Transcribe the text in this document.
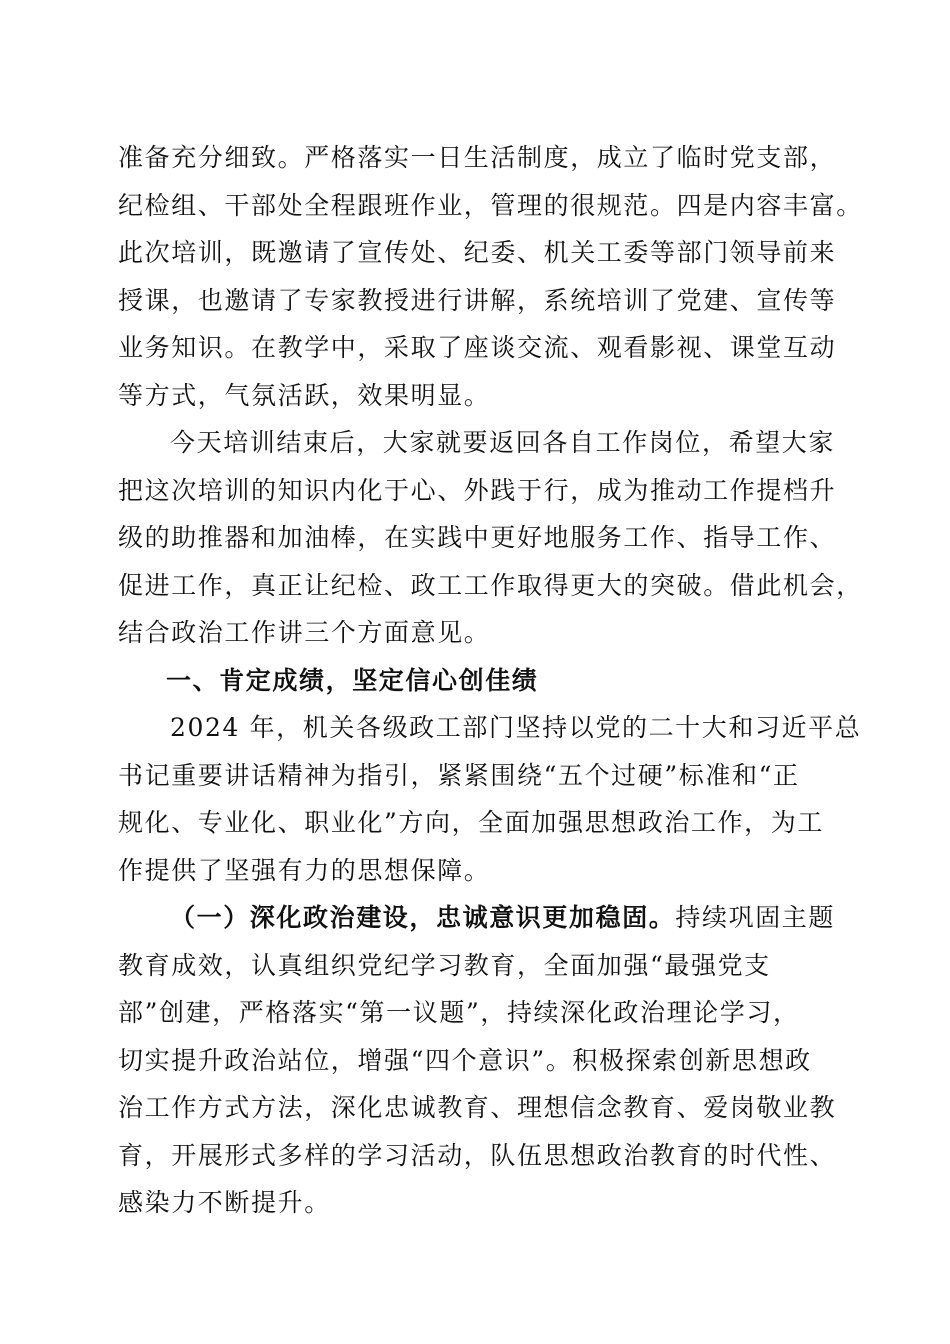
准备充分细致。严格落实一日生活制度，成立了临时党支部，
纪检组、干部处全程跟班作业，管理的很规范。四是内容丰富。
此次培训，既邀请了宣传处、纪委、机关工委等部门领导前来
授课，也邀请了专家教授进行讲解，系统培训了党建、宣传等
业务知识。在教学中，采取了座谈交流、观看影视、课堂互动
等方式，气氛活跃，效果明显。
今天培训结束后，大家就要返回各自工作岗位，希望大家
把这次培训的知识内化于心、外践于行，成为推动工作提档升
级的助推器和加油棒，在实践中更好地服务工作、指导工作、
促进工作，真正让纪检、政工工作取得更大的突破。借此机会，
结合政治工作讲三个方面意见。
一、肯定成绩，坚定信心创佳绩
2024 年，机关各级政工部门坚持以党的二十大和习近平总
书记重要讲话精神为指引，紧紧围绕“五个过硬”标准和“正
规化、专业化、职业化”方向，全面加强思想政治工作，为工
作提供了坚强有力的思想保障。
（一）深化政治建设，忠诚意识更加稳固。持续巩固主题
教育成效，认真组织党纪学习教育，全面加强“最强党支
部”创建，严格落实“第一议题”，持续深化政治理论学习，
切实提升政治站位，增强“四个意识”。积极探索创新思想政
治工作方式方法，深化忠诚教育、理想信念教育、爱岗敬业教
育，开展形式多样的学习活动，队伍思想政治教育的时代性、
感染力不断提升。
